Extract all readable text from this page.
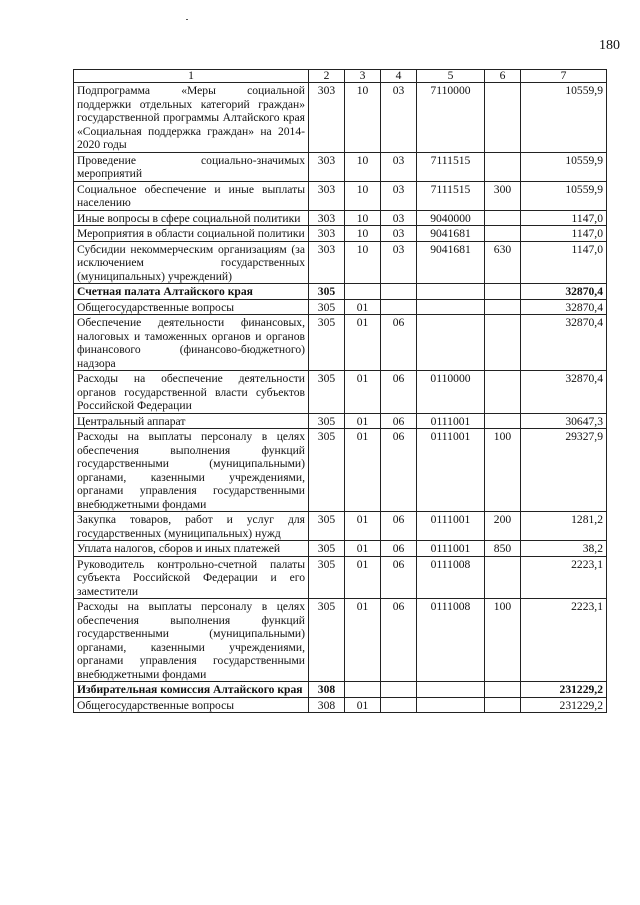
180
1	2	3	4	5	6	7
Подпрограмма «Меры социальной поддержки отдельных категорий граждан» государственной программы Алтайского края «Социальная поддержка граждан» на 2014-2020 годы	303	10	03	7110000		10559,9
Проведение социально-значимых мероприятий	303	10	03	7111515		10559,9
Социальное обеспечение и иные выплаты населению	303	10	03	7111515	300	10559,9
Иные вопросы в сфере социальной политики	303	10	03	9040000		1147,0
Мероприятия в области социальной политики	303	10	03	9041681		1147,0
Субсидии некоммерческим организациям (за исключением государственных (муниципальных) учреждений)	303	10	03	9041681	630	1147,0
Счетная палата Алтайского края	305					32870,4
Общегосударственные вопросы	305	01				32870,4
Обеспечение деятельности финансовых, налоговых и таможенных органов и органов финансового (финансово-бюджетного) надзора	305	01	06			32870,4
Расходы на обеспечение деятельности органов государственной власти субъектов Российской Федерации	305	01	06	0110000		32870,4
Центральный аппарат	305	01	06	0111001		30647,3
Расходы на выплаты персоналу в целях обеспечения выполнения функций государственными (муниципальными) органами, казенными учреждениями, органами управления государственными внебюджетными фондами	305	01	06	0111001	100	29327,9
Закупка товаров, работ и услуг для государственных (муниципальных) нужд	305	01	06	0111001	200	1281,2
Уплата налогов, сборов и иных платежей	305	01	06	0111001	850	38,2
Руководитель контрольно-счетной палаты субъекта Российской Федерации и его заместители	305	01	06	0111008		2223,1
Расходы на выплаты персоналу в целях обеспечения выполнения функций государственными (муниципальными) органами, казенными учреждениями, органами управления государственными внебюджетными фондами	305	01	06	0111008	100	2223,1
Избирательная комиссия Алтайского края	308					231229,2
Общегосударственные вопросы	308	01				231229,2
